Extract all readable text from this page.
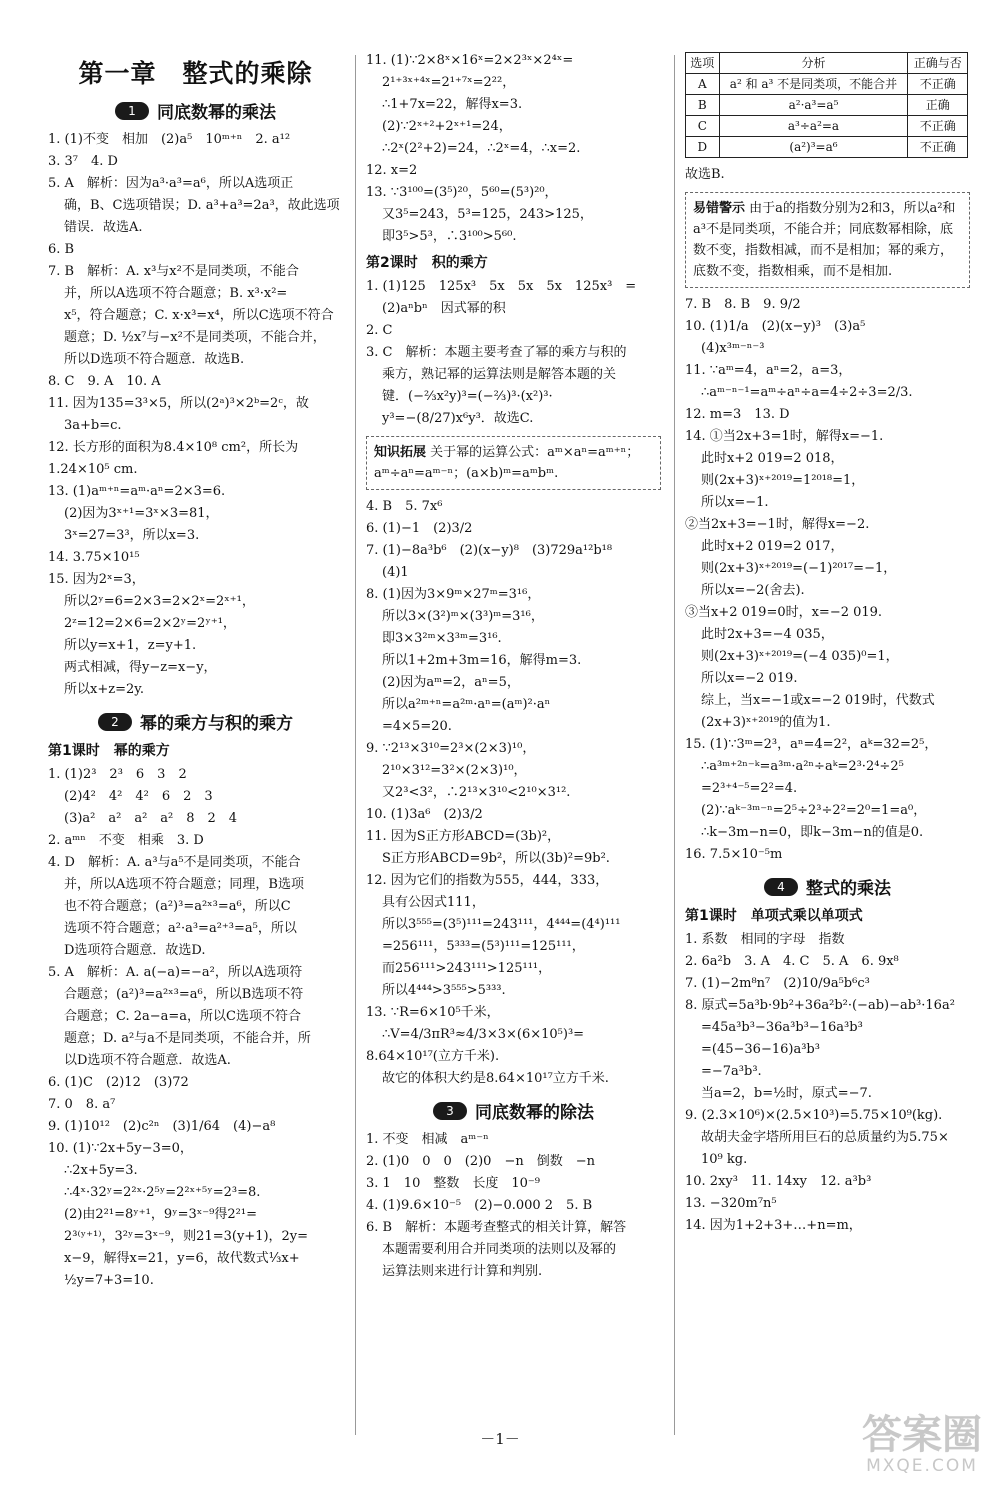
第一章　整式的乘除
1	同底数幂的乘法
1. (1)不变　相加　(2)a⁵　10ᵐ⁺ⁿ　2. a¹²
3. 3⁷　4. D
5. A　解析：因为a³·a³=a⁶，所以A选项正
确，B、C选项错误；D. a³+a³=2a³，故此选项
错误．故选A.
6. B
7. B　解析：A. x³与x²不是同类项，不能合
并，所以A选项不符合题意；B. x³·x²=
x⁵，符合题意；C. x·x³=x⁴，所以C选项不符合
题意；D. ½x⁷与−x²不是同类项，不能合并，
所以D选项不符合题意．故选B.
8. C　9. A　10. A
11. 因为135=3³×5，所以(2ᵃ)³×2ᵇ=2ᶜ，故
3a+b=c.
12. 长方形的面积为8.4×10⁸ cm²，所长为
1.24×10⁵ cm.
13. (1)aᵐ⁺ⁿ=aᵐ·aⁿ=2×3=6.
(2)因为3ˣ⁺¹=3ˣ×3=81，
3ˣ=27=3³，所以x=3.
14. 3.75×10¹⁵
15. 因为2ˣ=3，
所以2ʸ=6=2×3=2×2ˣ=2ˣ⁺¹，
2ᶻ=12=2×6=2×2ʸ=2ʸ⁺¹，
所以y=x+1，z=y+1.
两式相减，得y−z=x−y，
所以x+z=2y.
2	幂的乘方与积的乘方
第1课时　幂的乘方
1. (1)2³　2³　6　3　2
(2)4²　4²　4²　6　2　3
(3)a²　a²　a²　a²　8　2　4
2. aᵐⁿ　不变　相乘　3. D
4. D　解析：A. a³与a⁵不是同类项，不能合
并，所以A选项不符合题意；同理，B选项
也不符合题意；(a²)³=a²ˣ³=a⁶，所以C
选项不符合题意；a²·a³=a²⁺³=a⁵，所以
D选项符合题意．故选D.
5. A　解析：A. a(−a)=−a²，所以A选项符
合题意；(a²)³=a²ˣ³=a⁶，所以B选项不符
合题意；C. 2a−a=a，所以C选项不符合
题意；D. a²与a不是同类项，不能合并，所
以D选项不符合题意．故选A.
6. (1)C　(2)12　(3)72
7. 0　8. a⁷
9. (1)10¹²　(2)c²ⁿ　(3)1/64　(4)−a⁸
10. (1)∵2x+5y−3=0，
∴2x+5y=3.
∴4ˣ·32ʸ=2²ˣ·2⁵ʸ=2²ˣ⁺⁵ʸ=2³=8.
(2)由2²¹=8ʸ⁺¹，9ʸ=3ˣ⁻⁹得2²¹=
2³⁽ʸ⁺¹⁾，3²ʸ=3ˣ⁻⁹，则21=3(y+1)，2y=
x−9，解得x=21，y=6，故代数式⅓x+
½y=7+3=10.
11. (1)∵2×8ˣ×16ˣ=2×2³ˣ×2⁴ˣ=
2¹⁺³ˣ⁺⁴ˣ=2¹⁺⁷ˣ=2²²，
∴1+7x=22，解得x=3.
(2)∵2ˣ⁺²+2ˣ⁺¹=24，
∴2ˣ(2²+2)=24，∴2ˣ=4，∴x=2.
12. x=2
13. ∵3¹⁰⁰=(3⁵)²⁰，5⁶⁰=(5³)²⁰，
又3⁵=243，5³=125，243>125，
即3⁵>5³，∴3¹⁰⁰>5⁶⁰.
第2课时　积的乘方
1. (1)125　125x³　5x　5x　5x　125x³　=
(2)aⁿbⁿ　因式幂的积
2. C
3. C　解析：本题主要考查了幂的乘方与积的
乘方，熟记幂的运算法则是解答本题的关
键．(−⅔x²y)³=(−⅔)³·(x²)³·
y³=−(8/27)x⁶y³．故选C.
知识拓展 关于幂的运算公式：aᵐ×aⁿ=aᵐ⁺ⁿ；aᵐ÷aⁿ=aᵐ⁻ⁿ；(a×b)ᵐ=aᵐbᵐ.
4. B　5. 7x⁶
6. (1)−1　(2)3/2
7. (1)−8a³b⁶　(2)(x−y)⁸　(3)729a¹²b¹⁸
(4)1
8. (1)因为3×9ᵐ×27ᵐ=3¹⁶，
所以3×(3²)ᵐ×(3³)ᵐ=3¹⁶，
即3×3²ᵐ×3³ᵐ=3¹⁶.
所以1+2m+3m=16，解得m=3.
(2)因为aᵐ=2，aⁿ=5，
所以a²ᵐ⁺ⁿ=a²ᵐ·aⁿ=(aᵐ)²·aⁿ
=4×5=20.
9. ∵2¹³×3¹⁰=2³×(2×3)¹⁰，
2¹⁰×3¹²=3²×(2×3)¹⁰，
又2³<3²，∴2¹³×3¹⁰<2¹⁰×3¹².
10. (1)3a⁶　(2)3/2
11. 因为S正方形ABCD=(3b)²，
S正方形ABCD=9b²，所以(3b)²=9b².
12. 因为它们的指数为555，444，333，
具有公因式111，
所以3⁵⁵⁵=(3⁵)¹¹¹=243¹¹¹，4⁴⁴⁴=(4⁴)¹¹¹
=256¹¹¹，5³³³=(5³)¹¹¹=125¹¹¹，
而256¹¹¹>243¹¹¹>125¹¹¹，
所以4⁴⁴⁴>3⁵⁵⁵>5³³³.
13. ∵R=6×10⁵千米，
∴V=4/3πR³≈4/3×3×(6×10⁵)³=
8.64×10¹⁷(立方千米).
故它的体积大约是8.64×10¹⁷立方千米.
3	同底数幂的除法
1. 不变　相减　aᵐ⁻ⁿ
2. (1)0　0　0　(2)0　−n　倒数　−n
3. 1　10　整数　长度　10⁻⁹
4. (1)9.6×10⁻⁵　(2)−0.000 2　5. B
6. B　解析：本题考查整式的相关计算，解答
本题需要利用合并同类项的法则以及幂的
运算法则来进行计算和判别.
选项	分析	正确与否
A	a² 和 a³ 不是同类项，不能合并	不正确
B	a²·a³=a⁵	正确
C	a³÷a²=a	不正确
D	(a²)³=a⁶	不正确
故选B.
易错警示 由于a的指数分别为2和3，所以a²和a³不是同类项，不能合并；同底数幂相除，底数不变，指数相减，而不是相加；幂的乘方，底数不变，指数相乘，而不是相加.
7. B　8. B　9. 9/2
10. (1)1/a　(2)(x−y)³　(3)a⁵
(4)x³ᵐ⁻ⁿ⁻³
11. ∵aᵐ=4，aⁿ=2，a=3，
∴aᵐ⁻ⁿ⁻¹=aᵐ÷aⁿ÷a=4÷2÷3=2/3.
12. m=3　13. D
14. ①当2x+3=1时，解得x=−1.
此时x+2 019=2 018，
则(2x+3)ˣ⁺²⁰¹⁹=1²⁰¹⁸=1，
所以x=−1.
②当2x+3=−1时，解得x=−2.
此时x+2 019=2 017，
则(2x+3)ˣ⁺²⁰¹⁹=(−1)²⁰¹⁷=−1，
所以x=−2(舍去).
③当x+2 019=0时，x=−2 019.
此时2x+3=−4 035，
则(2x+3)ˣ⁺²⁰¹⁹=(−4 035)⁰=1，
所以x=−2 019.
综上，当x=−1或x=−2 019时，代数式
(2x+3)ˣ⁺²⁰¹⁹的值为1.
15. (1)∵3ᵐ=2³，aⁿ=4=2²，aᵏ=32=2⁵，
∴a³ᵐ⁺²ⁿ⁻ᵏ=a³ᵐ·a²ⁿ÷aᵏ=2³·2⁴÷2⁵
=2³⁺⁴⁻⁵=2²=4.
(2)∵aᵏ⁻³ᵐ⁻ⁿ=2⁵÷2³÷2²=2⁰=1=a⁰，
∴k−3m−n=0，即k−3m−n的值是0.
16. 7.5×10⁻⁵m
4	整式的乘法
第1课时　单项式乘以单项式
1. 系数　相同的字母　指数
2. 6a²b　3. A　4. C　5. A　6. 9x⁸
7. (1)−2m⁸n⁷　(2)10/9a⁵b⁶c³
8. 原式=5a³b·9b²+36a²b²·(−ab)−ab³·16a²
=45a³b³−36a³b³−16a³b³
=(45−36−16)a³b³
=−7a³b³.
当a=2，b=½时，原式=−7.
9. (2.3×10⁶)×(2.5×10³)=5.75×10⁹(kg).
故胡夫金字塔所用巨石的总质量约为5.75×
10⁹ kg.
10. 2xy³　11. 14xy　12. a³b³
13. −320m⁷n⁵
14. 因为1+2+3+…+n=m，
－1－	答案圈
MXQE.COM
